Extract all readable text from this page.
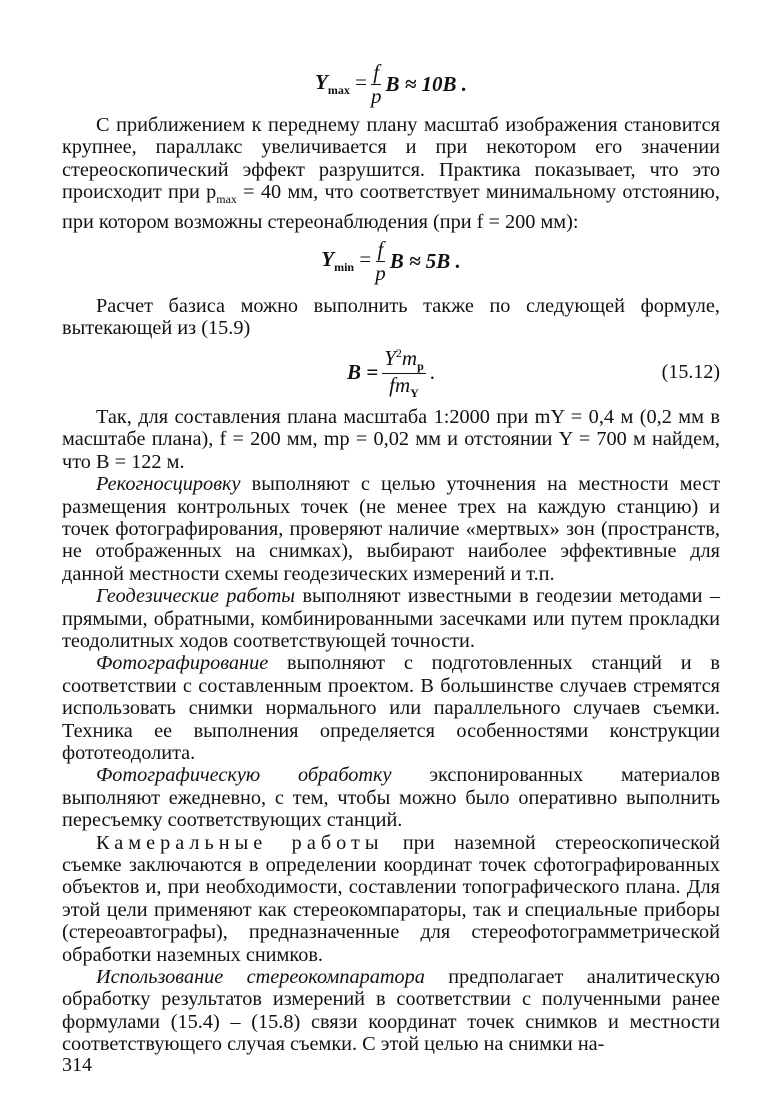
$Y_{max} = \frac{f}{p}$ B ≈ 10B .

С приближением к переднему плану масштаб изображения становится крупнее, параллакс увеличивается и при некотором его значении стереоскопический эффект разрушится. Практика показывает, что это происходит при $p_{max} = 40$ мм, что соответствует минимальному отстоянию, при котором возможны стереонаблюдения (при f = 200 мм):

$Y_{min} = \frac{f}{p}$ B ≈ 5B .

Расчет базиса можно выполнить также по следующей формуле, вытекающей из (15.9)

$B = \frac{Y^2m_p}{fm_Y}$ .	(15.12)

Так, для составления плана масштаба 1:2000 при mY = 0,4 м (0,2 мм в масштабе плана), f = 200 мм, mp = 0,02 мм и отстоянии Y = 700 м найдем, что B = 122 м.

Рекогносцировку выполняют с целью уточнения на местности мест размещения контрольных точек (не менее трех на каждую станцию) и точек фотографирования, проверяют наличие «мертвых» зон (пространств, не отображенных на снимках), выбирают наиболее эффективные для данной местности схемы геодезических измерений и т.п.

Геодезические работы выполняют известными в геодезии методами – прямыми, обратными, комбинированными засечками или путем прокладки теодолитных ходов соответствующей точности.

Фотографирование выполняют с подготовленных станций и в соответствии с составленным проектом. В большинстве случаев стремятся использовать снимки нормального или параллельного случаев съемки. Техника ее выполнения определяется особенностями конструкции фототеодолита.

Фотографическую обработку экспонированных материалов выполняют ежедневно, с тем, чтобы можно было оперативно выполнить пересъемку соответствующих станций.

Камеральные работы при наземной стереоскопической съемке заключаются в определении координат точек сфотографированных объектов и, при необходимости, составлении топографического плана. Для этой цели применяют как стереокомпараторы, так и специальные приборы (стереоавтографы), предназначенные для стереофотограмметрической обработки наземных снимков.

Использование стереокомпаратора предполагает аналитическую обработку результатов измерений в соответствии с полученными ранее формулами (15.4) – (15.8) связи координат точек снимков и местности соответствующего случая съемки. С этой целью на снимки на-

314
